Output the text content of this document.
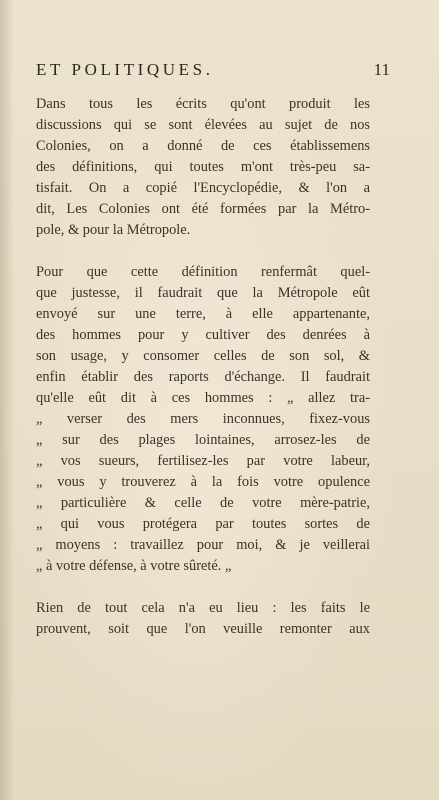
ET POLITIQUES.	11
Dans tous les écrits qu'ont produit les
discussions qui se sont élevées au sujet de nos
Colonies, on a donné de ces établissemens
des définitions, qui toutes m'ont très-peu sa-
tisfait. On a copié l'Encyclopédie, & l'on a
dit, Les Colonies ont été formées par la Métro-
pole, & pour la Métropole.
Pour que cette définition renfermât quel-
que justesse, il faudrait que la Métropole eût
envoyé sur une terre, à elle appartenante,
des hommes pour y cultiver des denrées à
son usage, y consomer celles de son sol, &
enfin établir des raports d'échange. Il faudrait
qu'elle eût dit à ces hommes : „ allez tra-
„ verser des mers inconnues, fixez-vous
„ sur des plages lointaines, arrosez-les de
„ vos sueurs, fertilisez-les par votre labeur,
„ vous y trouverez à la fois votre opulence
„ particulière & celle de votre mère-patrie,
„ qui vous protégera par toutes sortes de
„ moyens : travaillez pour moi, & je veillerai
„ à votre défense, à votre sûreté. „
Rien de tout cela n'a eu lieu : les faits le
prouvent, soit que l'on veuille remonter aux
